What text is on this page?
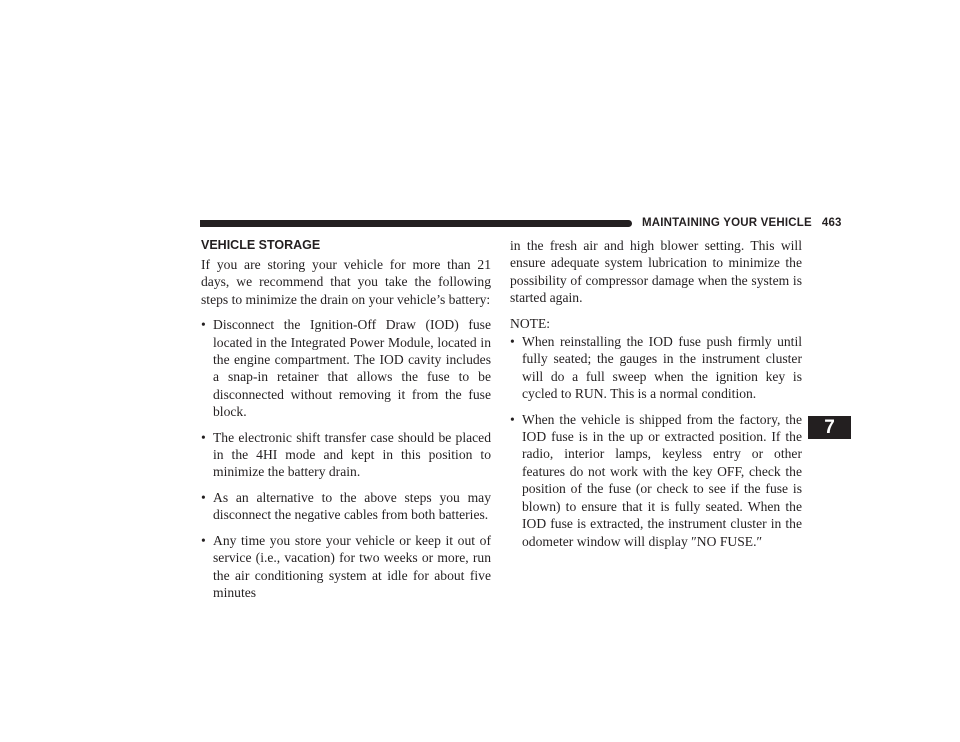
MAINTAINING YOUR VEHICLE 463
7
VEHICLE STORAGE

If you are storing your vehicle for more than 21 days, we recommend that you take the following steps to minimize the drain on your vehicle’s battery:

• Disconnect the Ignition-Off Draw (IOD) fuse located in the Integrated Power Module, located in the engine compartment. The IOD cavity includes a snap-in retainer that allows the fuse to be disconnected without removing it from the fuse block.
• The electronic shift transfer case should be placed in the 4HI mode and kept in this position to minimize the battery drain.
• As an alternative to the above steps you may disconnect the negative cables from both batteries.
• Any time you store your vehicle or keep it out of service (i.e., vacation) for two weeks or more, run the air conditioning system at idle for about five minutes

in the fresh air and high blower setting. This will ensure adequate system lubrication to minimize the possibility of compressor damage when the system is started again.

NOTE:

• When reinstalling the IOD fuse push firmly until fully seated; the gauges in the instrument cluster will do a full sweep when the ignition key is cycled to RUN. This is a normal condition.
• When the vehicle is shipped from the factory, the IOD fuse is in the up or extracted position. If the radio, interior lamps, keyless entry or other features do not work with the key OFF, check the position of the fuse (or check to see if the fuse is blown) to ensure that it is fully seated. When the IOD fuse is extracted, the instrument cluster in the odometer window will display ″NO FUSE.″
